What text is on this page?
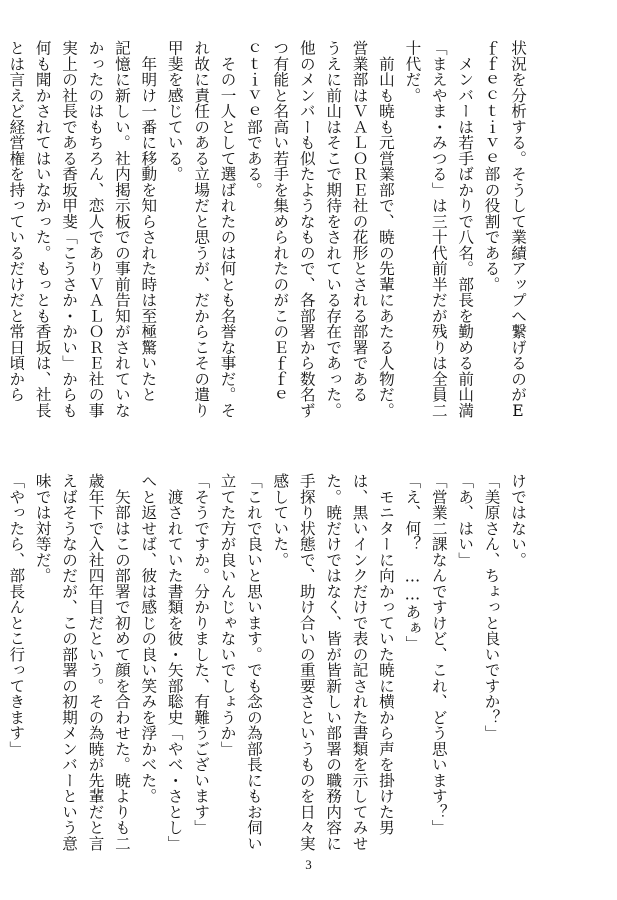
状況を分析する。そうして業績アップへ繋げるのがE
ｆｆｅｃｔｉｖｅ部の役割である。
　メンバーは若手ばかりで八名。部長を勤める前山満
「まえやま・みつる」は三十代前半だが残りは全員二
十代だ。
　前山も暁も元営業部で、暁の先輩にあたる人物だ。
営業部はＶＡＬＯＲＥ社の花形とされる部署である
うえに前山はそこで期待をされている存在であった。
他のメンバーも似たようなもので、各部署から数名ず
つ有能と名高い若手を集められたのがこのＥｆｆｅ
ｃｔｉｖｅ部である。
　その一人として選ばれたのは何とも名誉な事だ。そ
れ故に責任のある立場だと思うが、だからこその遣り
甲斐を感じている。
　年明け一番に移動を知らされた時は至極驚いたと
記憶に新しい。社内掲示板での事前告知がされていな
かったのはもちろん、恋人でありＶＡＬＯＲＥ社の事
実上の社長である香坂甲斐「こうさか・かい」からも
何も聞かされてはいなかった。もっとも香坂は、社長
とは言えど経営権を持っているだけだと常日頃から
けではない。
「美原さん、ちょっと良いですか？」
「あ、はい」
「営業二課なんですけど、これ、どう思います？」
「え、何？　……あぁ」
　モニターに向かっていた暁に横から声を掛けた男
は、黒いインクだけで表の記された書類を示してみせ
た。暁だけではなく、皆が皆新しい部署の職務内容に
手探り状態で、助け合いの重要さというものを日々実
感していた。
「これで良いと思います。でも念の為部長にもお伺い
立てた方が良いんじゃないでしょうか」
「そうですか。分かりました、有難うございます」
　渡されていた書類を彼・矢部聡史「やべ・さとし」
へと返せば、彼は感じの良い笑みを浮かべた。
　矢部はこの部署で初めて顔を合わせた。暁よりも二
歳年下で入社四年目だという。その為暁が先輩だと言
えばそうなのだが、この部署の初期メンバーという意
味では対等だ。
「やったら、部長んとこ行ってきます」
3
